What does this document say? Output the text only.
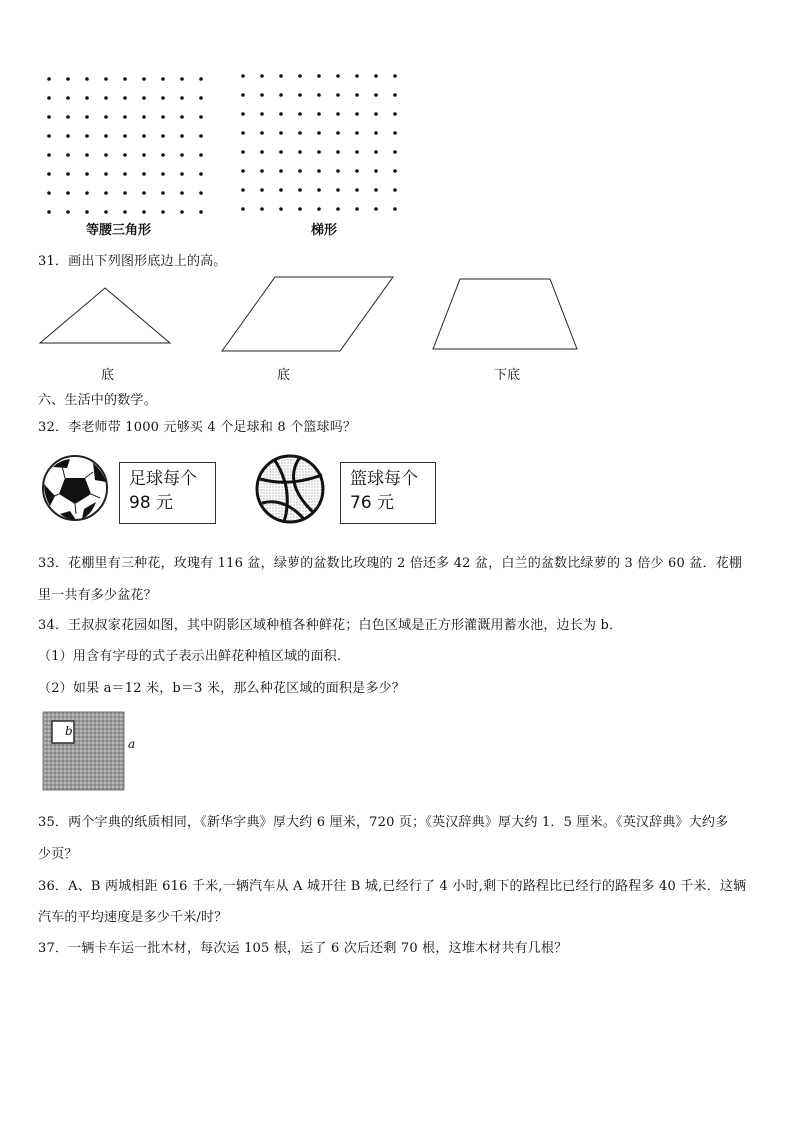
等腰三角形	梯形
31．画出下列图形底边上的高。
底	底	下底
六、生活中的数学。
32．李老师带 1000 元够买 4 个足球和 8 个篮球吗？
足球每个
98 元
篮球每个
76 元
33．花棚里有三种花，玫瑰有 116 盆，绿萝的盆数比玫瑰的 2 倍还多 42 盆，白兰的盆数比绿萝的 3 倍少 60 盆．花棚
里一共有多少盆花？
34．王叔叔家花园如图，其中阴影区域种植各种鲜花；白色区域是正方形灌溉用蓄水池，边长为 b．
（1）用含有字母的式子表示出鲜花种植区域的面积.
（2）如果 a＝12 米，b＝3 米，那么种花区域的面积是多少？
b
a
35．两个字典的纸质相同，《新华字典》厚大约 6 厘米，720 页；《英汉辞典》厚大约 1．5 厘米。《英汉辞典》大约多
少页？
36．A、B 两城相距 616 千米,一辆汽车从 A 城开往 B 城,已经行了 4 小时,剩下的路程比已经行的路程多 40 千米．这辆
汽车的平均速度是多少千米/时？
37．一辆卡车运一批木材，每次运 105 根，运了 6 次后还剩 70 根，这堆木材共有几根？
